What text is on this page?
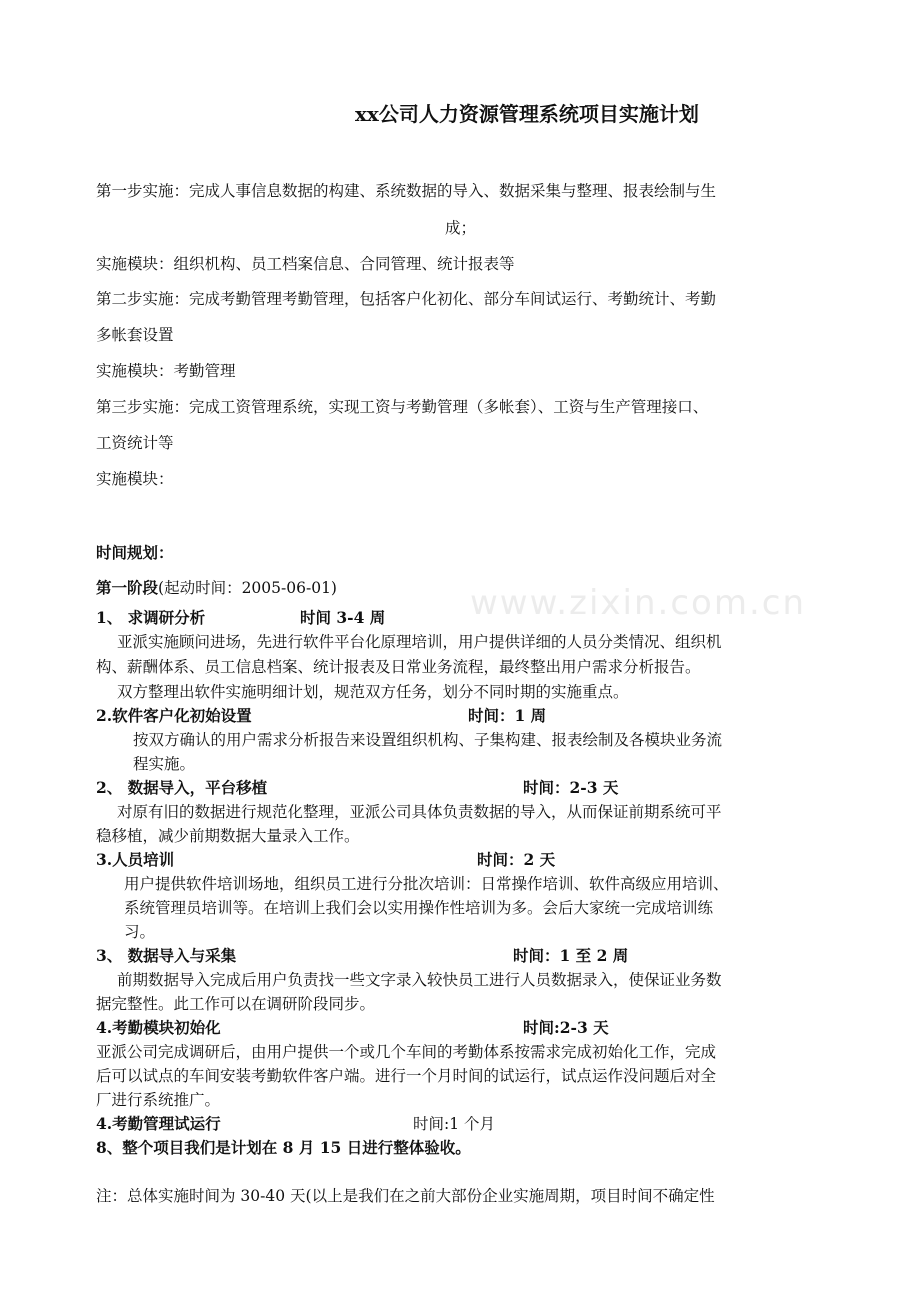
xx公司人力资源管理系统项目实施计划
第一步实施：完成人事信息数据的构建、系统数据的导入、数据采集与整理、报表绘制与生
成；
实施模块：组织机构、员工档案信息、合同管理、统计报表等
第二步实施：完成考勤管理考勤管理，包括客户化初化、部分车间试运行、考勤统计、考勤
多帐套设置
实施模块：考勤管理
第三步实施：完成工资管理系统，实现工资与考勤管理（多帐套）、工资与生产管理接口、
工资统计等
实施模块：
时间规划：
www.zixin.com.cn
第一阶段(起动时间：2005-06-01)
1、 求调研分析	时间 3-4 周
亚派实施顾问进场，先进行软件平台化原理培训，用户提供详细的人员分类情况、组织机
构、薪酬体系、员工信息档案、统计报表及日常业务流程，最终整出用户需求分析报告。
双方整理出软件实施明细计划，规范双方任务，划分不同时期的实施重点。
2.软件客户化初始设置	时间：1 周
按双方确认的用户需求分析报告来设置组织机构、子集构建、报表绘制及各模块业务流
程实施。
2、 数据导入，平台移植	时间：2-3 天
对原有旧的数据进行规范化整理，亚派公司具体负责数据的导入，从而保证前期系统可平
稳移植，减少前期数据大量录入工作。
3.人员培训	时间：2 天
用户提供软件培训场地，组织员工进行分批次培训：日常操作培训、软件高级应用培训、
系统管理员培训等。在培训上我们会以实用操作性培训为多。会后大家统一完成培训练
习。
3、 数据导入与采集	时间：1 至 2 周
前期数据导入完成后用户负责找一些文字录入较快员工进行人员数据录入，使保证业务数
据完整性。此工作可以在调研阶段同步。
4.考勤模块初始化	时间:2-3 天
亚派公司完成调研后，由用户提供一个或几个车间的考勤体系按需求完成初始化工作，完成
后可以试点的车间安装考勤软件客户端。进行一个月时间的试运行，试点运作没问题后对全
厂进行系统推广。
4.考勤管理试运行	时间:1 个月
8、整个项目我们是计划在 8 月 15 日进行整体验收。
注：总体实施时间为 30-40 天(以上是我们在之前大部份企业实施周期，项目时间不确定性
